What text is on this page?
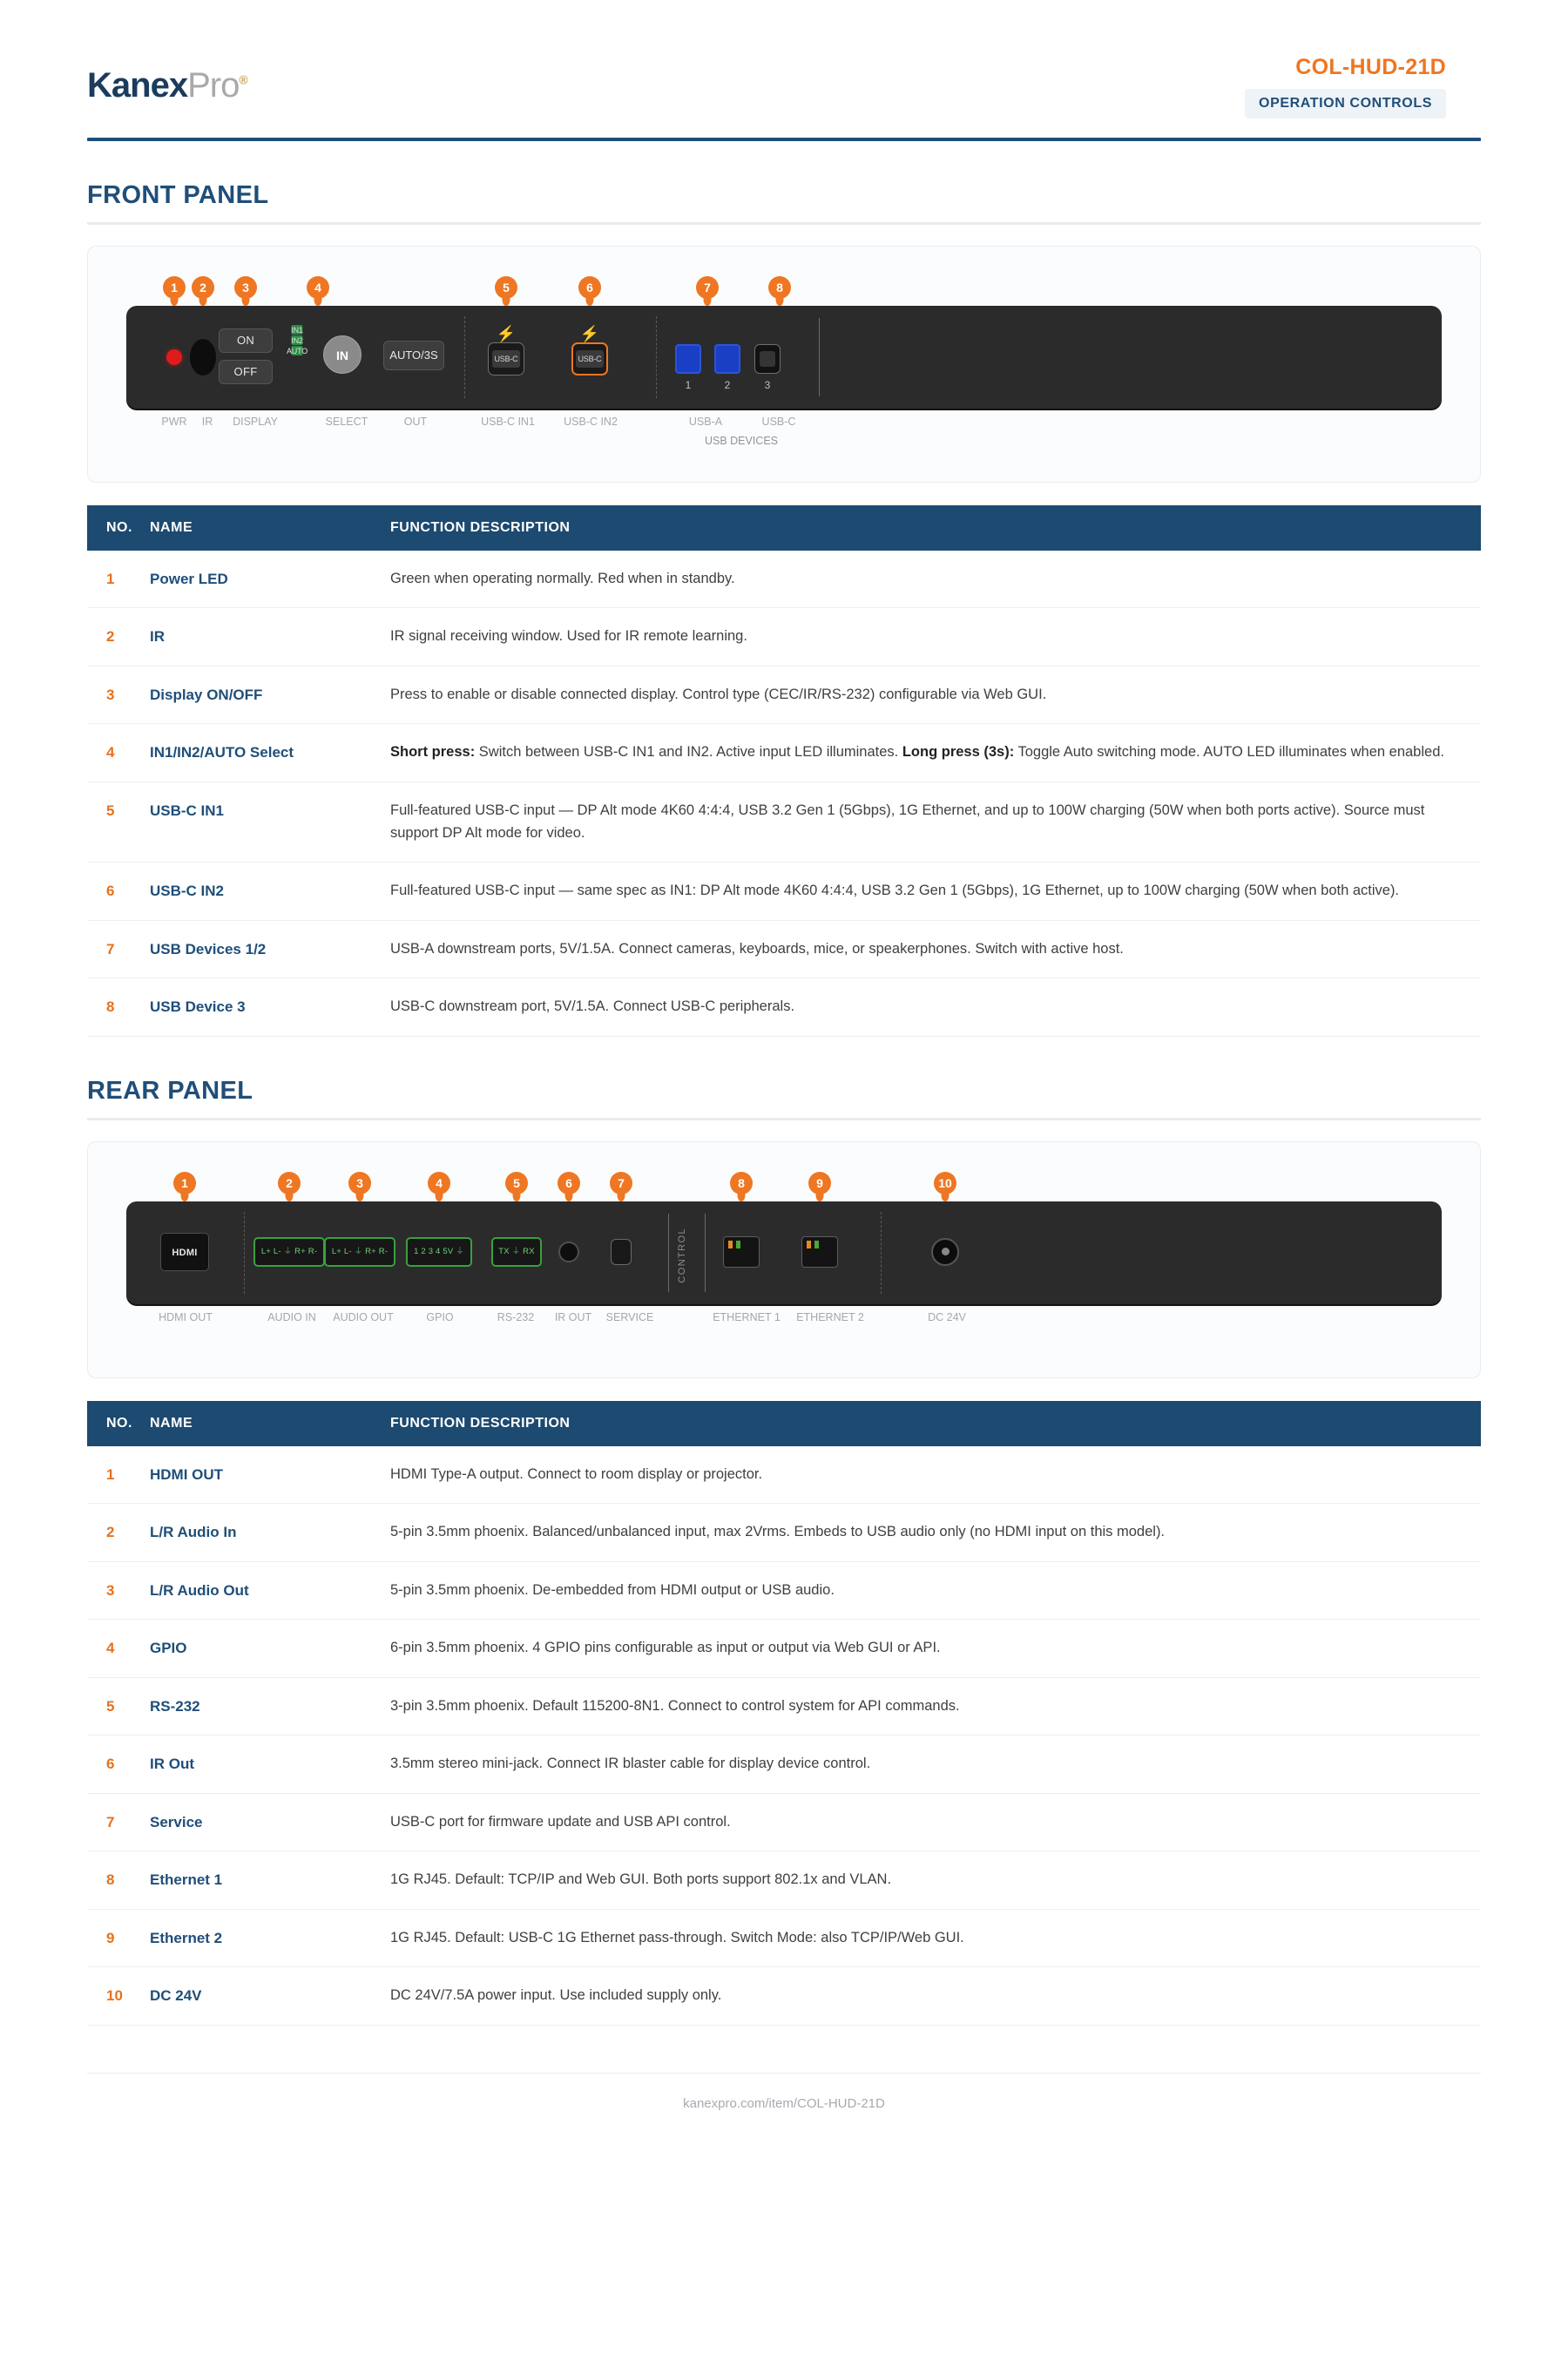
KanexPro®
COL-HUD-21D
OPERATION CONTROLS
FRONT PANEL
1	2	3	4	5	6	7	8
ON
OFF
IN1
IN2
AUTO	IN	AUTO/3S
⚡
USB-C
⚡
USB-C
1	2	3
PWR IR DISPLAY	SELECT	OUT	USB-C IN1	USB-C IN2	USB-A	USB-C
USB DEVICES
NO.	NAME	FUNCTION DESCRIPTION
1	Power LED	Green when operating normally. Red when in standby.
2	IR	IR signal receiving window. Used for IR remote learning.
3	Display ON/OFF	Press to enable or disable connected display. Control type (CEC/IR/RS-232) configurable via Web GUI.
4	IN1/IN2/AUTO Select	Short press: Switch between USB-C IN1 and IN2. Active input LED illuminates. Long press (3s): Toggle Auto switching mode. AUTO LED illuminates when enabled.
5	USB-C IN1	Full-featured USB-C input — DP Alt mode 4K60 4:4:4, USB 3.2 Gen 1 (5Gbps), 1G Ethernet, and up to 100W charging (50W when both ports active). Source must support DP Alt mode for video.
6	USB-C IN2	Full-featured USB-C input — same spec as IN1: DP Alt mode 4K60 4:4:4, USB 3.2 Gen 1 (5Gbps), 1G Ethernet, up to 100W charging (50W when both active).
7	USB Devices 1/2	USB-A downstream ports, 5V/1.5A. Connect cameras, keyboards, mice, or speakerphones. Switch with active host.
8	USB Device 3	USB-C downstream port, 5V/1.5A. Connect USB-C peripherals.
REAR PANEL
1	2	3	4	5	6	7	8	9	10
HDMI	L+ L- ⏚ R+ R-	L+ L- ⏚ R+ R-	1 2 3 4 5V ⏚	TX ⏚ RX	CONTROL
HDMI OUT	AUDIO IN AUDIO OUT	GPIO	RS-232 IR OUT SERVICE	ETHERNET 1 ETHERNET 2	DC 24V
NO.	NAME	FUNCTION DESCRIPTION
1	HDMI OUT	HDMI Type-A output. Connect to room display or projector.
2	L/R Audio In	5-pin 3.5mm phoenix. Balanced/unbalanced input, max 2Vrms. Embeds to USB audio only (no HDMI input on this model).
3	L/R Audio Out	5-pin 3.5mm phoenix. De-embedded from HDMI output or USB audio.
4	GPIO	6-pin 3.5mm phoenix. 4 GPIO pins configurable as input or output via Web GUI or API.
5	RS-232	3-pin 3.5mm phoenix. Default 115200-8N1. Connect to control system for API commands.
6	IR Out	3.5mm stereo mini-jack. Connect IR blaster cable for display device control.
7	Service	USB-C port for firmware update and USB API control.
8	Ethernet 1	1G RJ45. Default: TCP/IP and Web GUI. Both ports support 802.1x and VLAN.
9	Ethernet 2	1G RJ45. Default: USB-C 1G Ethernet pass-through. Switch Mode: also TCP/IP/Web GUI.
10	DC 24V	DC 24V/7.5A power input. Use included supply only.
kanexpro.com/item/COL-HUD-21D
